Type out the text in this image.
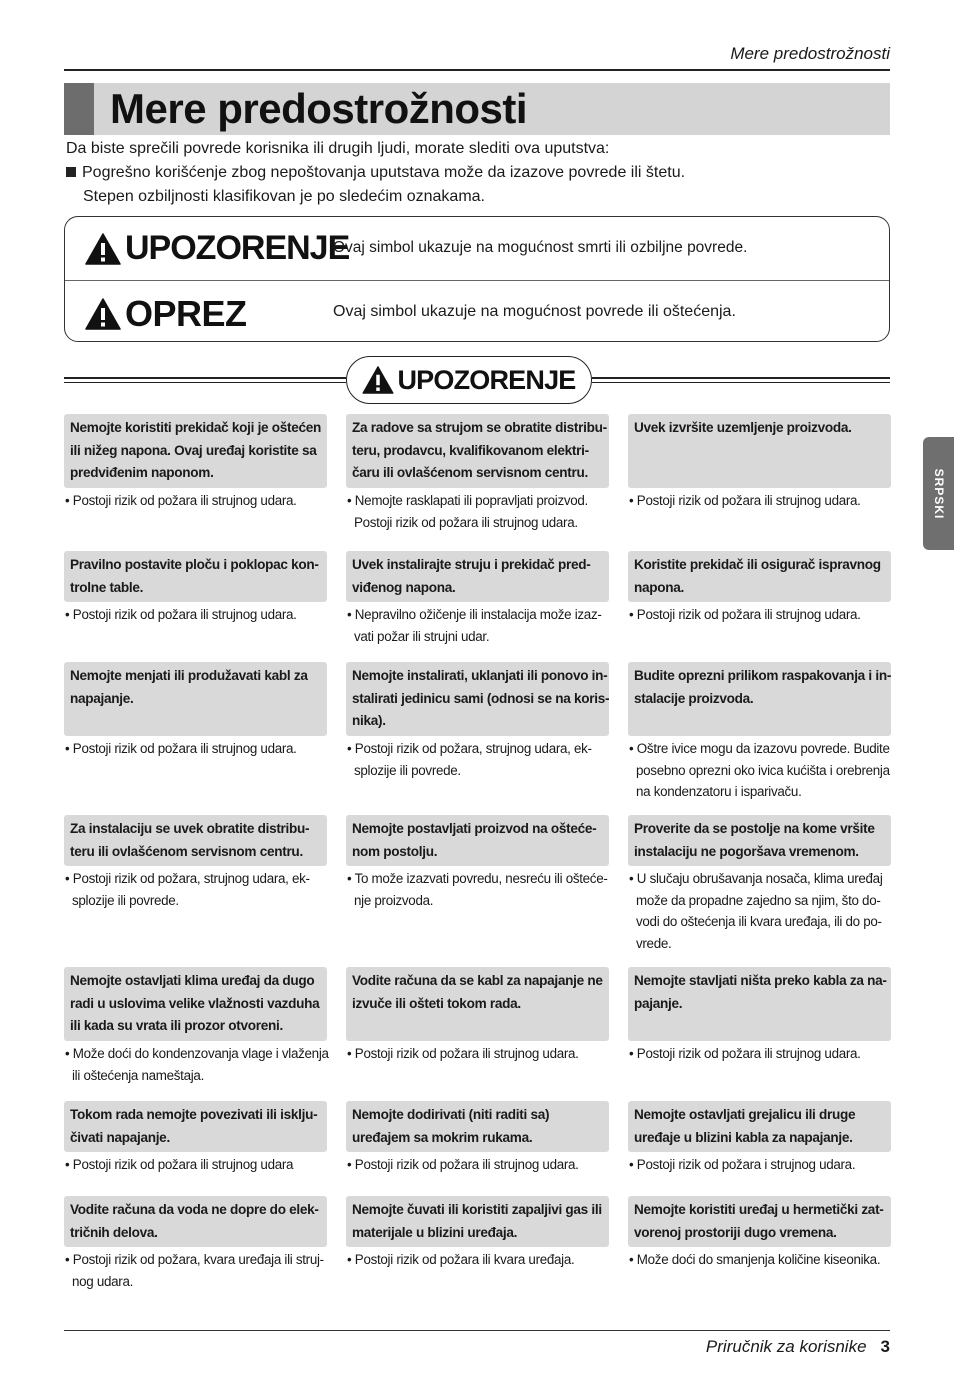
Mere predostrožnosti
Mere predostrožnosti
Da biste sprečili povrede korisnika ili drugih ljudi, morate slediti ova uputstva:
Pogrešno korišćenje zbog nepoštovanja uputstava može da izazove povrede ili štetu.
Stepen ozbiljnosti klasifikovan je po sledećim oznakama.
UPOZORENJE
Ovaj simbol ukazuje na mogućnost smrti ili ozbiljne povrede.
OPREZ	Ovaj simbol ukazuje na mogućnost povrede ili oštećenja.
UPOZORENJE
SRPSKI
Nemojte koristiti prekidač koji je oštećen
ili nižeg napona. Ovaj uređaj koristite sa
predviđenim naponom.
• Postoji rizik od požara ili strujnog udara.
Za radove sa strujom se obratite distribu-
teru, prodavcu, kvalifikovanom elektri-
čaru ili ovlašćenom servisnom centru.
• Nemojte rasklapati ili popravljati proizvod.
Postoji rizik od požara ili strujnog udara.
Uvek izvršite uzemljenje proizvoda.
• Postoji rizik od požara ili strujnog udara.
Pravilno postavite ploču i poklopac kon-
trolne table.
• Postoji rizik od požara ili strujnog udara.
Uvek instalirajte struju i prekidač pred-
viđenog napona.
• Nepravilno ožičenje ili instalacija može izaz-
vati požar ili strujni udar.
Koristite prekidač ili osigurač ispravnog
napona.
• Postoji rizik od požara ili strujnog udara.
Nemojte menjati ili produžavati kabl za
napajanje.
• Postoji rizik od požara ili strujnog udara.
Nemojte instalirati, uklanjati ili ponovo in-
stalirati jedinicu sami (odnosi se na koris-
nika).
• Postoji rizik od požara, strujnog udara, ek-
splozije ili povrede.
Budite oprezni prilikom raspakovanja i in-
stalacije proizvoda.
• Oštre ivice mogu da izazovu povrede. Budite
posebno oprezni oko ivica kućišta i orebrenja
na kondenzatoru i isparivaču.
Za instalaciju se uvek obratite distribu-
teru ili ovlašćenom servisnom centru.
• Postoji rizik od požara, strujnog udara, ek-
splozije ili povrede.
Nemojte postavljati proizvod na oštećе-
nom postolju.
• To može izazvati povredu, nesreću ili oštećе-
nje proizvoda.
Proverite da se postolje na kome vršite
instalaciju ne pogoršava vremenom.
• U slučaju obrušavanja nosača, klima uređaj
može da propadne zajedno sa njim, što do-
vodi do oštećenja ili kvara uređaja, ili do po-
vrede.
Nemojte ostavljati klima uređaj da dugo
radi u uslovima velike vlažnosti vazduha
ili kada su vrata ili prozor otvoreni.
• Može doći do kondenzovanja vlage i vlaženja
ili oštećenja nameštaja.
Vodite računa da se kabl za napajanje ne
izvuče ili ošteti tokom rada.
• Postoji rizik od požara ili strujnog udara.
Nemojte stavljati ništa preko kabla za na-
pajanje.
• Postoji rizik od požara ili strujnog udara.
Tokom rada nemojte povezivati ili isklju-
čivati napajanje.
• Postoji rizik od požara ili strujnog udara
Nemojte dodirivati (niti raditi sa)
uređajem sa mokrim rukama.
• Postoji rizik od požara ili strujnog udara.
Nemojte ostavljati grejalicu ili druge
uređaje u blizini kabla za napajanje.
• Postoji rizik od požara i strujnog udara.
Vodite računa da voda ne dopre do elek-
tričnih delova.
• Postoji rizik od požara, kvara uređaja ili struj-
nog udara.
Nemojte čuvati ili koristiti zapaljivi gas ili
materijale u blizini uređaja.
• Postoji rizik od požara ili kvara uređaja.
Nemojte koristiti uređaj u hermetički zat-
vorenoj prostoriji dugo vremena.
• Može doći do smanjenja količine kiseonika.
Priručnik za korisnike 3
